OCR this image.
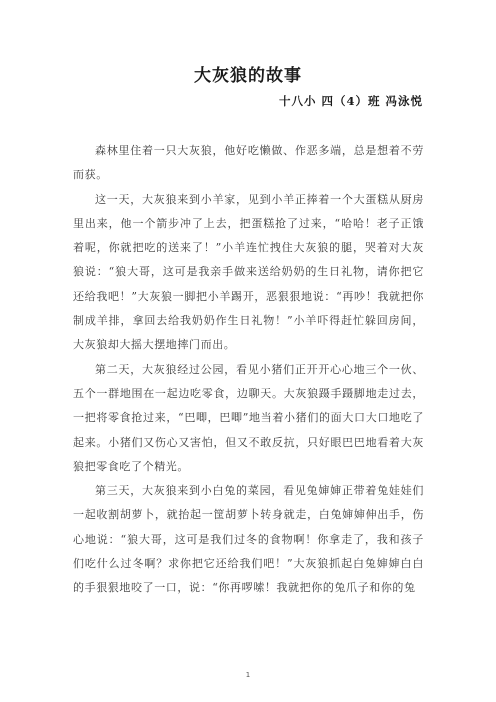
大灰狼的故事
十八小 四（4）班 冯泳悦

森林里住着一只大灰狼，他好吃懒做、作恶多端，总是想着不劳而获。

这一天，大灰狼来到小羊家，见到小羊正捧着一个大蛋糕从厨房里出来，他一个箭步冲了上去，把蛋糕抢了过来，“哈哈！老子正饿着呢，你就把吃的送来了！”小羊连忙拽住大灰狼的腿，哭着对大灰狼说：“狼大哥，这可是我亲手做来送给奶奶的生日礼物，请你把它还给我吧！”大灰狼一脚把小羊踢开，恶狠狠地说：“再吵！我就把你制成羊排，拿回去给我奶奶作生日礼物！”小羊吓得赶忙躲回房间，大灰狼却大摇大摆地摔门而出。

第二天，大灰狼经过公园，看见小猪们正开开心心地三个一伙、五个一群地围在一起边吃零食，边聊天。大灰狼蹑手蹑脚地走过去，一把将零食抢过来，“巴唧，巴唧”地当着小猪们的面大口大口地吃了起来。小猪们又伤心又害怕，但又不敢反抗，只好眼巴巴地看着大灰狼把零食吃了个精光。

第三天，大灰狼来到小白兔的菜园，看见兔婶婶正带着兔娃娃们一起收割胡萝卜，就抬起一筐胡萝卜转身就走，白兔婶婶伸出手，伤心地说：“狼大哥，这可是我们过冬的食物啊！你拿走了，我和孩子们吃什么过冬啊？求你把它还给我们吧！”大灰狼抓起白兔婶婶白白的手狠狠地咬了一口，说：“你再啰嗦！我就把你的兔爪子和你的兔

1
